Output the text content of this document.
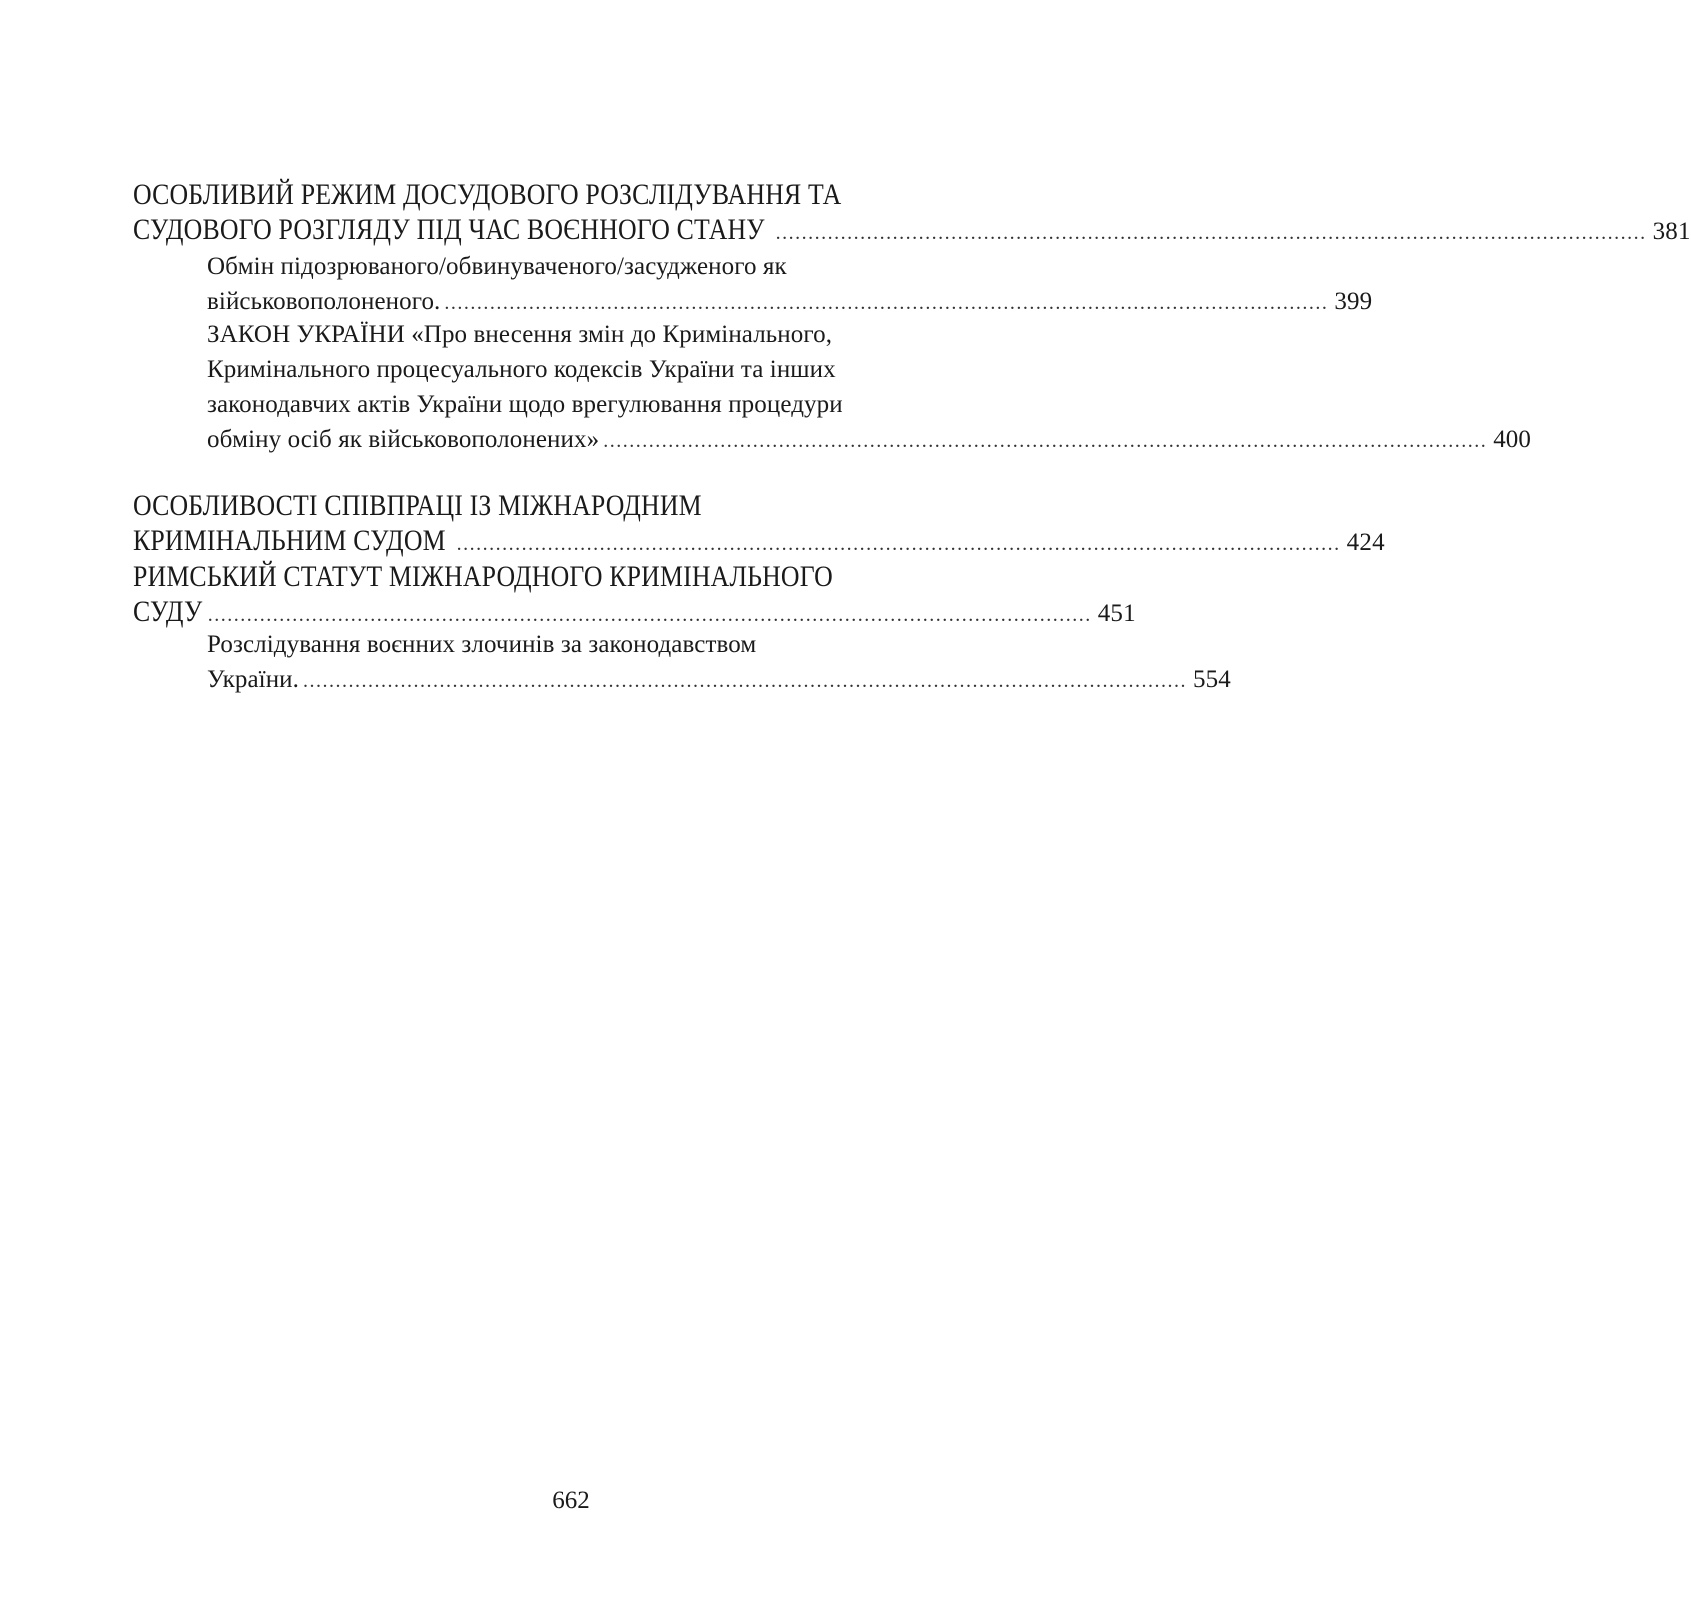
ОСОБЛИВИЙ РЕЖИМ ДОСУДОВОГО РОЗСЛІДУВАННЯ ТА
СУДОВОГО РОЗГЛЯДУ ПІД ЧАС ВОЄННОГО СТАНУ ...................................................................................................................................... 381
Обмін підозрюваного/обвинуваченого/засудженого як
військовополоненого. ........................................................................................................................................ 399
ЗАКОН УКРАЇНИ «Про внесення змін до Кримінального,
Кримінального процесуального кодексів України та інших
законодавчих актів України щодо врегулювання процедури
обміну осіб як військовополонених» ........................................................................................................................................ 400
ОСОБЛИВОСТІ СПІВПРАЦІ ІЗ МІЖНАРОДНИМ
КРИМІНАЛЬНИМ СУДОМ ........................................................................................................................................ 424
РИМСЬКИЙ СТАТУТ МІЖНАРОДНОГО КРИМІНАЛЬНОГО
СУДУ ........................................................................................................................................ 451
Розслідування воєнних злочинів за законодавством
України. ........................................................................................................................................ 554
662
